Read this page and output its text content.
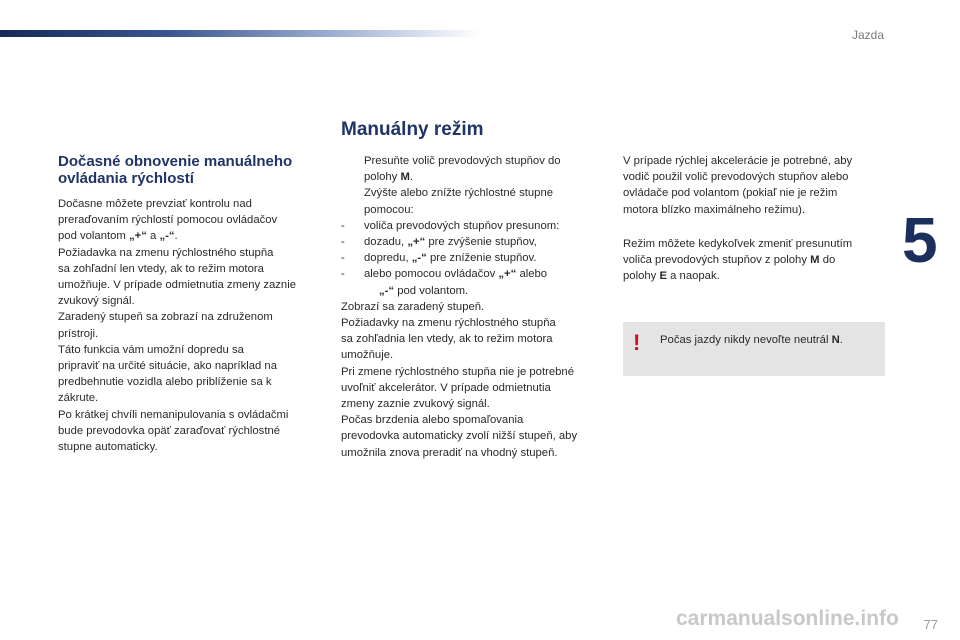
Jazda
5
Manuálny režim
Dočasné obnovenie manuálneho ovládania rýchlostí

Dočasne môžete prevziať kontrolu nad

preraďovaním rýchlostí pomocou ovládačov

pod volantom „+“ a „-“.

Požiadavka na zmenu rýchlostného stupňa

sa zohľadní len vtedy, ak to režim motora

umožňuje. V prípade odmietnutia zmeny zaznie

zvukový signál.

Zaradený stupeň sa zobrazí na združenom

prístroji.

Táto funkcia vám umožní dopredu sa

pripraviť na určité situácie, ako napríklad na

predbehnutie vozidla alebo priblíženie sa k

zákrute.

Po krátkej chvíli nemanipulovania s ovládačmi

bude prevodovka opäť zaraďovať rýchlostné

stupne automaticky.

Presuňte volič prevodových stupňov do
polohy M.
Zvýšte alebo znížte rýchlostné stupne
pomocou:
- voliča prevodových stupňov presunom:
- dozadu, „+“ pre zvýšenie stupňov,
- dopredu, „-“ pre zníženie stupňov.
- alebo pomocou ovládačov „+“ alebo
„-“ pod volantom.

Zobrazí sa zaradený stupeň.

Požiadavky na zmenu rýchlostného stupňa

sa zohľadnia len vtedy, ak to režim motora

umožňuje.

Pri zmene rýchlostného stupňa nie je potrebné

uvoľniť akcelerátor. V prípade odmietnutia

zmeny zaznie zvukový signál.

Počas brzdenia alebo spomaľovania

prevodovka automaticky zvolí nižší stupeň, aby

umožnila znova preradiť na vhodný stupeň.

V prípade rýchlej akcelerácie je potrebné, aby

vodič použil volič prevodových stupňov alebo

ovládače pod volantom (pokiaľ nie je režim

motora blízko maximálneho režimu).

Režim môžete kedykoľvek zmeniť presunutím

voliča prevodových stupňov z polohy M do

polohy E a naopak.

! Počas jazdy nikdy nevoľte neutrál N.
carmanualsonline.info 77
